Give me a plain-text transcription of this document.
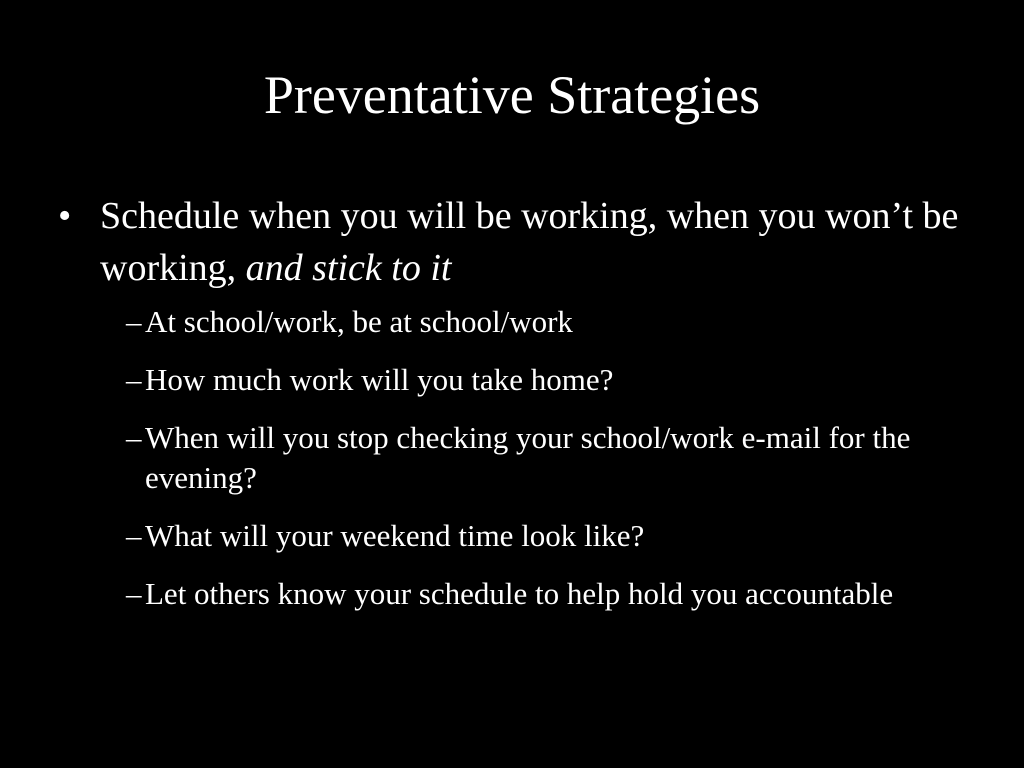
Preventative Strategies
• Schedule when you will be working, when you won’t be working, and stick to it
– At school/work, be at school/work
– How much work will you take home?
– When will you stop checking your school/work e-mail for the evening?
– What will your weekend time look like?
– Let others know your schedule to help hold you accountable
